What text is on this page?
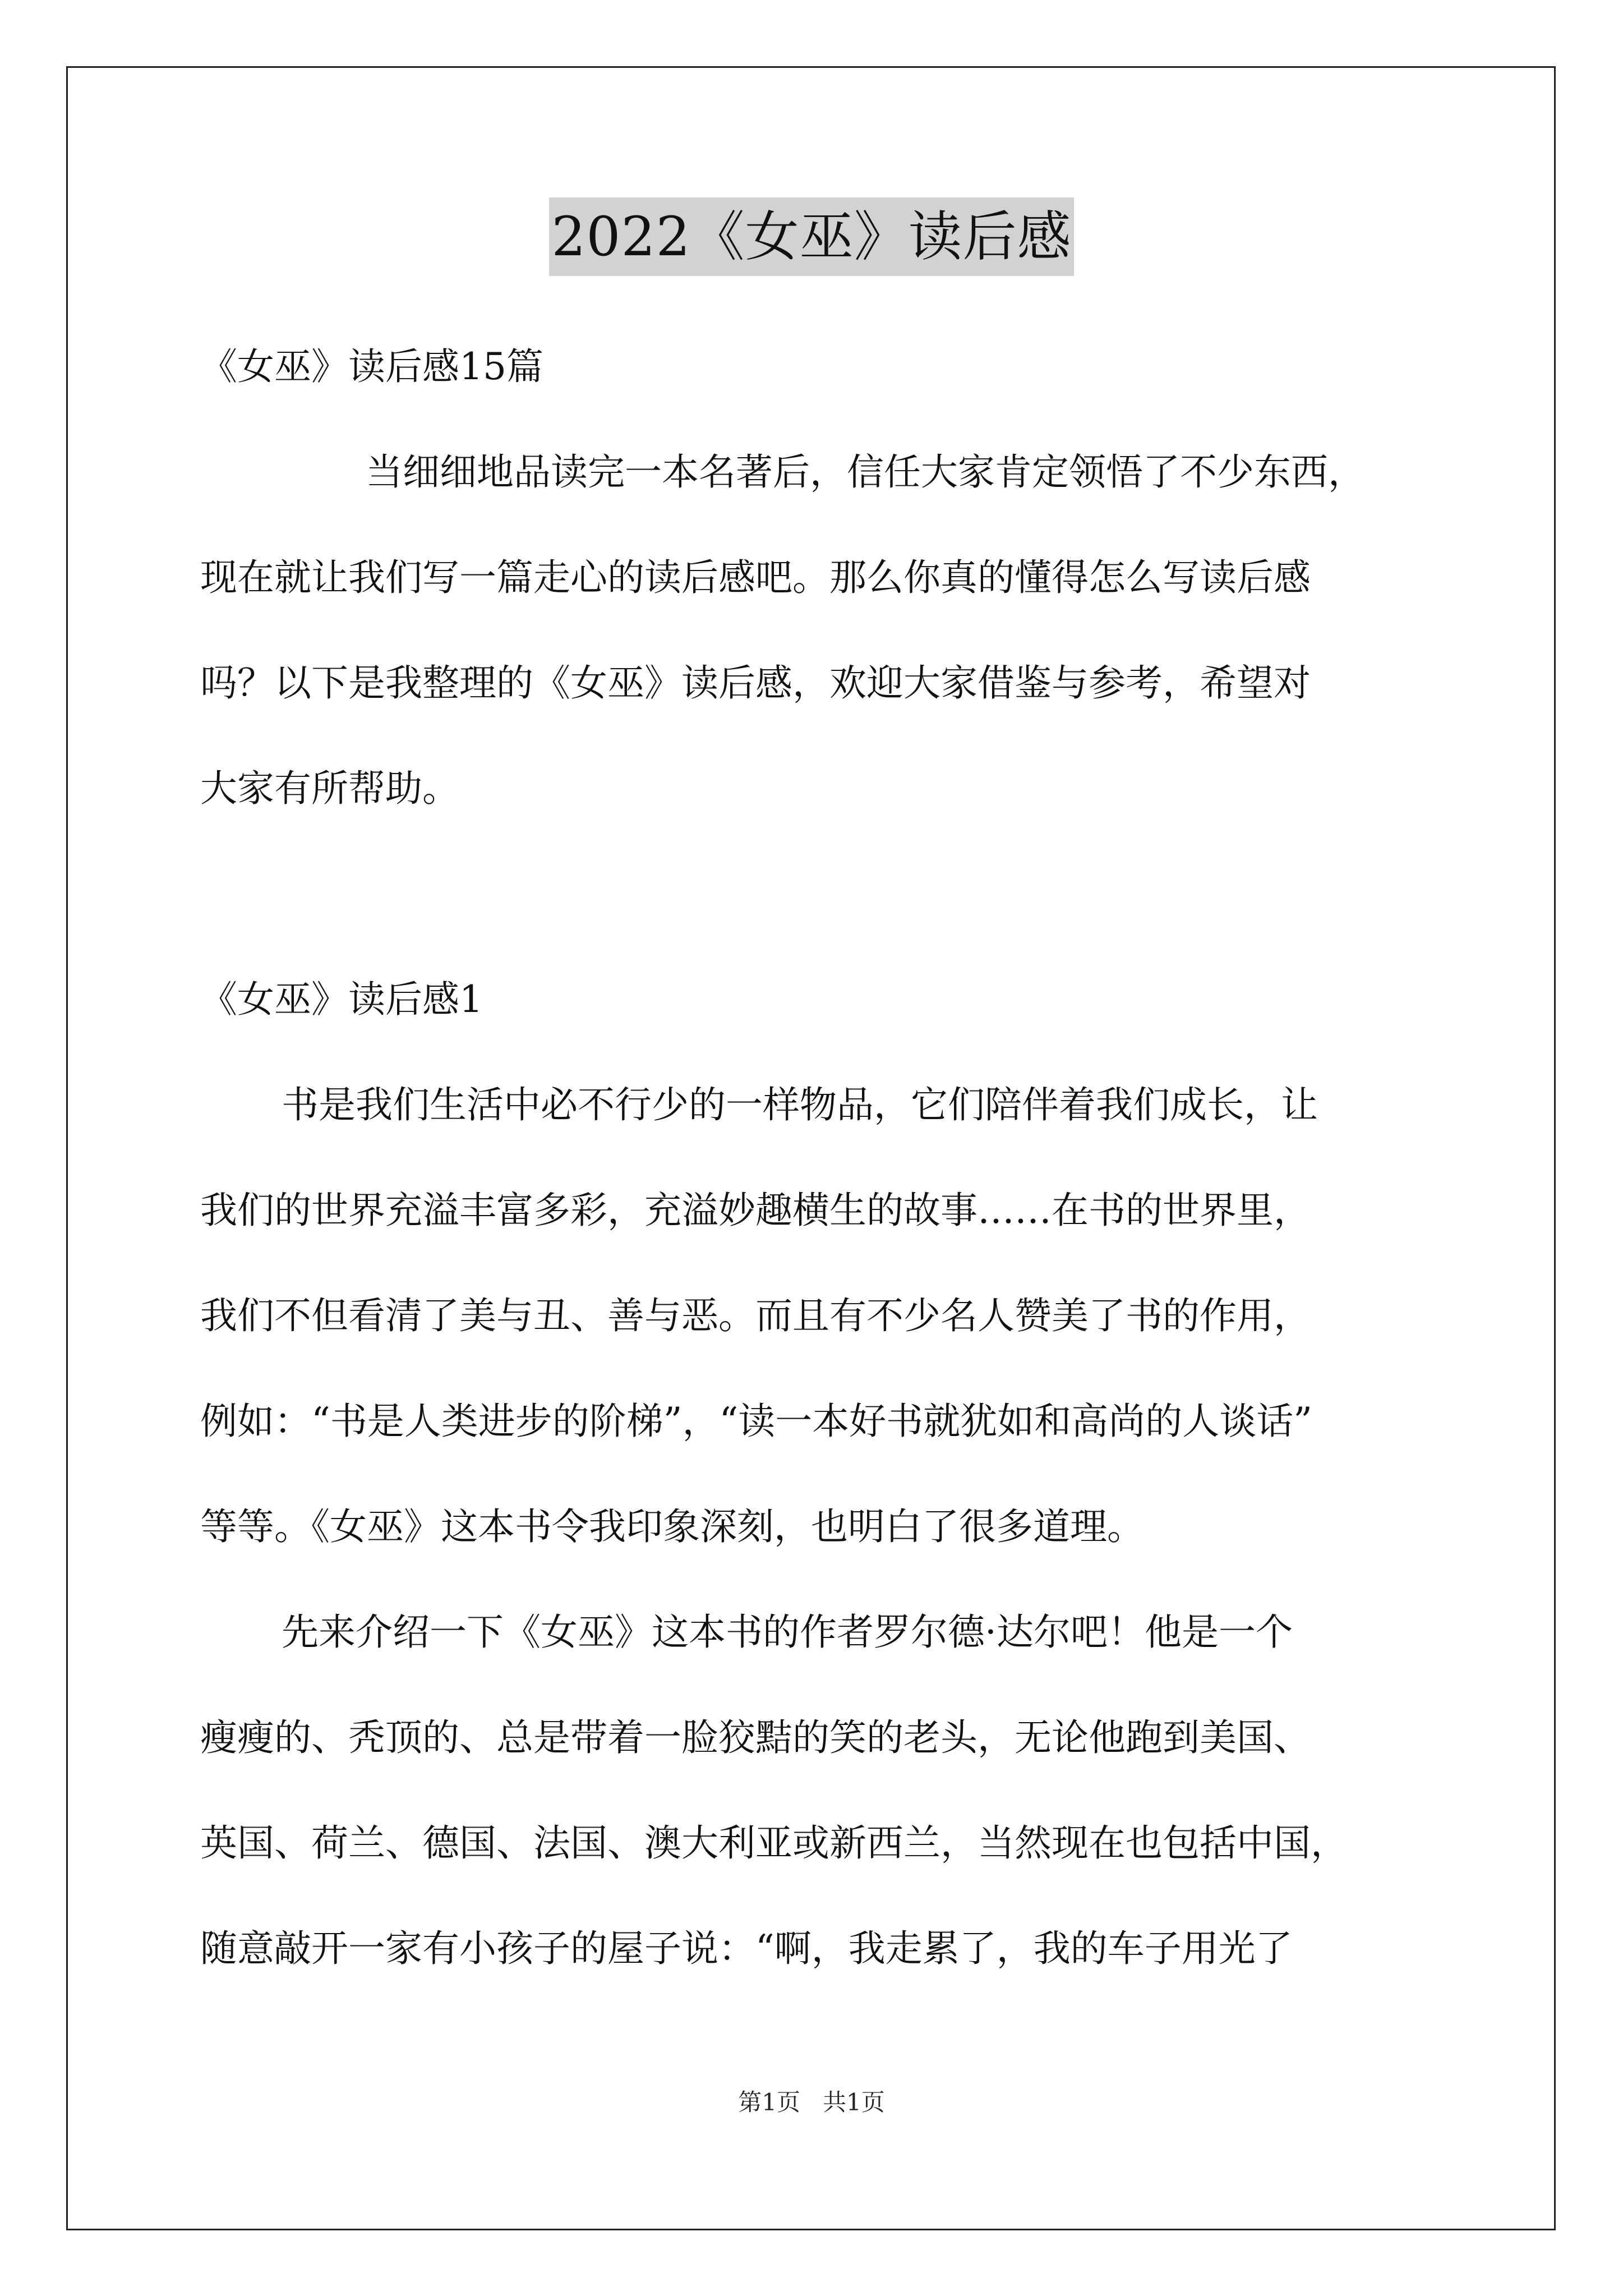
2022《女巫》读后感

《女巫》读后感15篇

当细细地品读完一本名著后，信任大家肯定领悟了不少东西，

现在就让我们写一篇走心的读后感吧。那么你真的懂得怎么写读后感

吗？以下是我整理的《女巫》读后感，欢迎大家借鉴与参考，希望对

大家有所帮助。

《女巫》读后感1

书是我们生活中必不行少的一样物品，它们陪伴着我们成长，让

我们的世界充溢丰富多彩，充溢妙趣横生的故事……在书的世界里，

我们不但看清了美与丑、善与恶。而且有不少名人赞美了书的作用，

例如：“书是人类进步的阶梯”，“读一本好书就犹如和高尚的人谈话”

等等。《女巫》这本书令我印象深刻，也明白了很多道理。

先来介绍一下《女巫》这本书的作者罗尔德·达尔吧！他是一个

瘦瘦的、秃顶的、总是带着一脸狡黠的笑的老头，无论他跑到美国、

英国、荷兰、德国、法国、澳大利亚或新西兰，当然现在也包括中国，

随意敲开一家有小孩子的屋子说：“啊，我走累了，我的车子用光了

第1页 共1页
